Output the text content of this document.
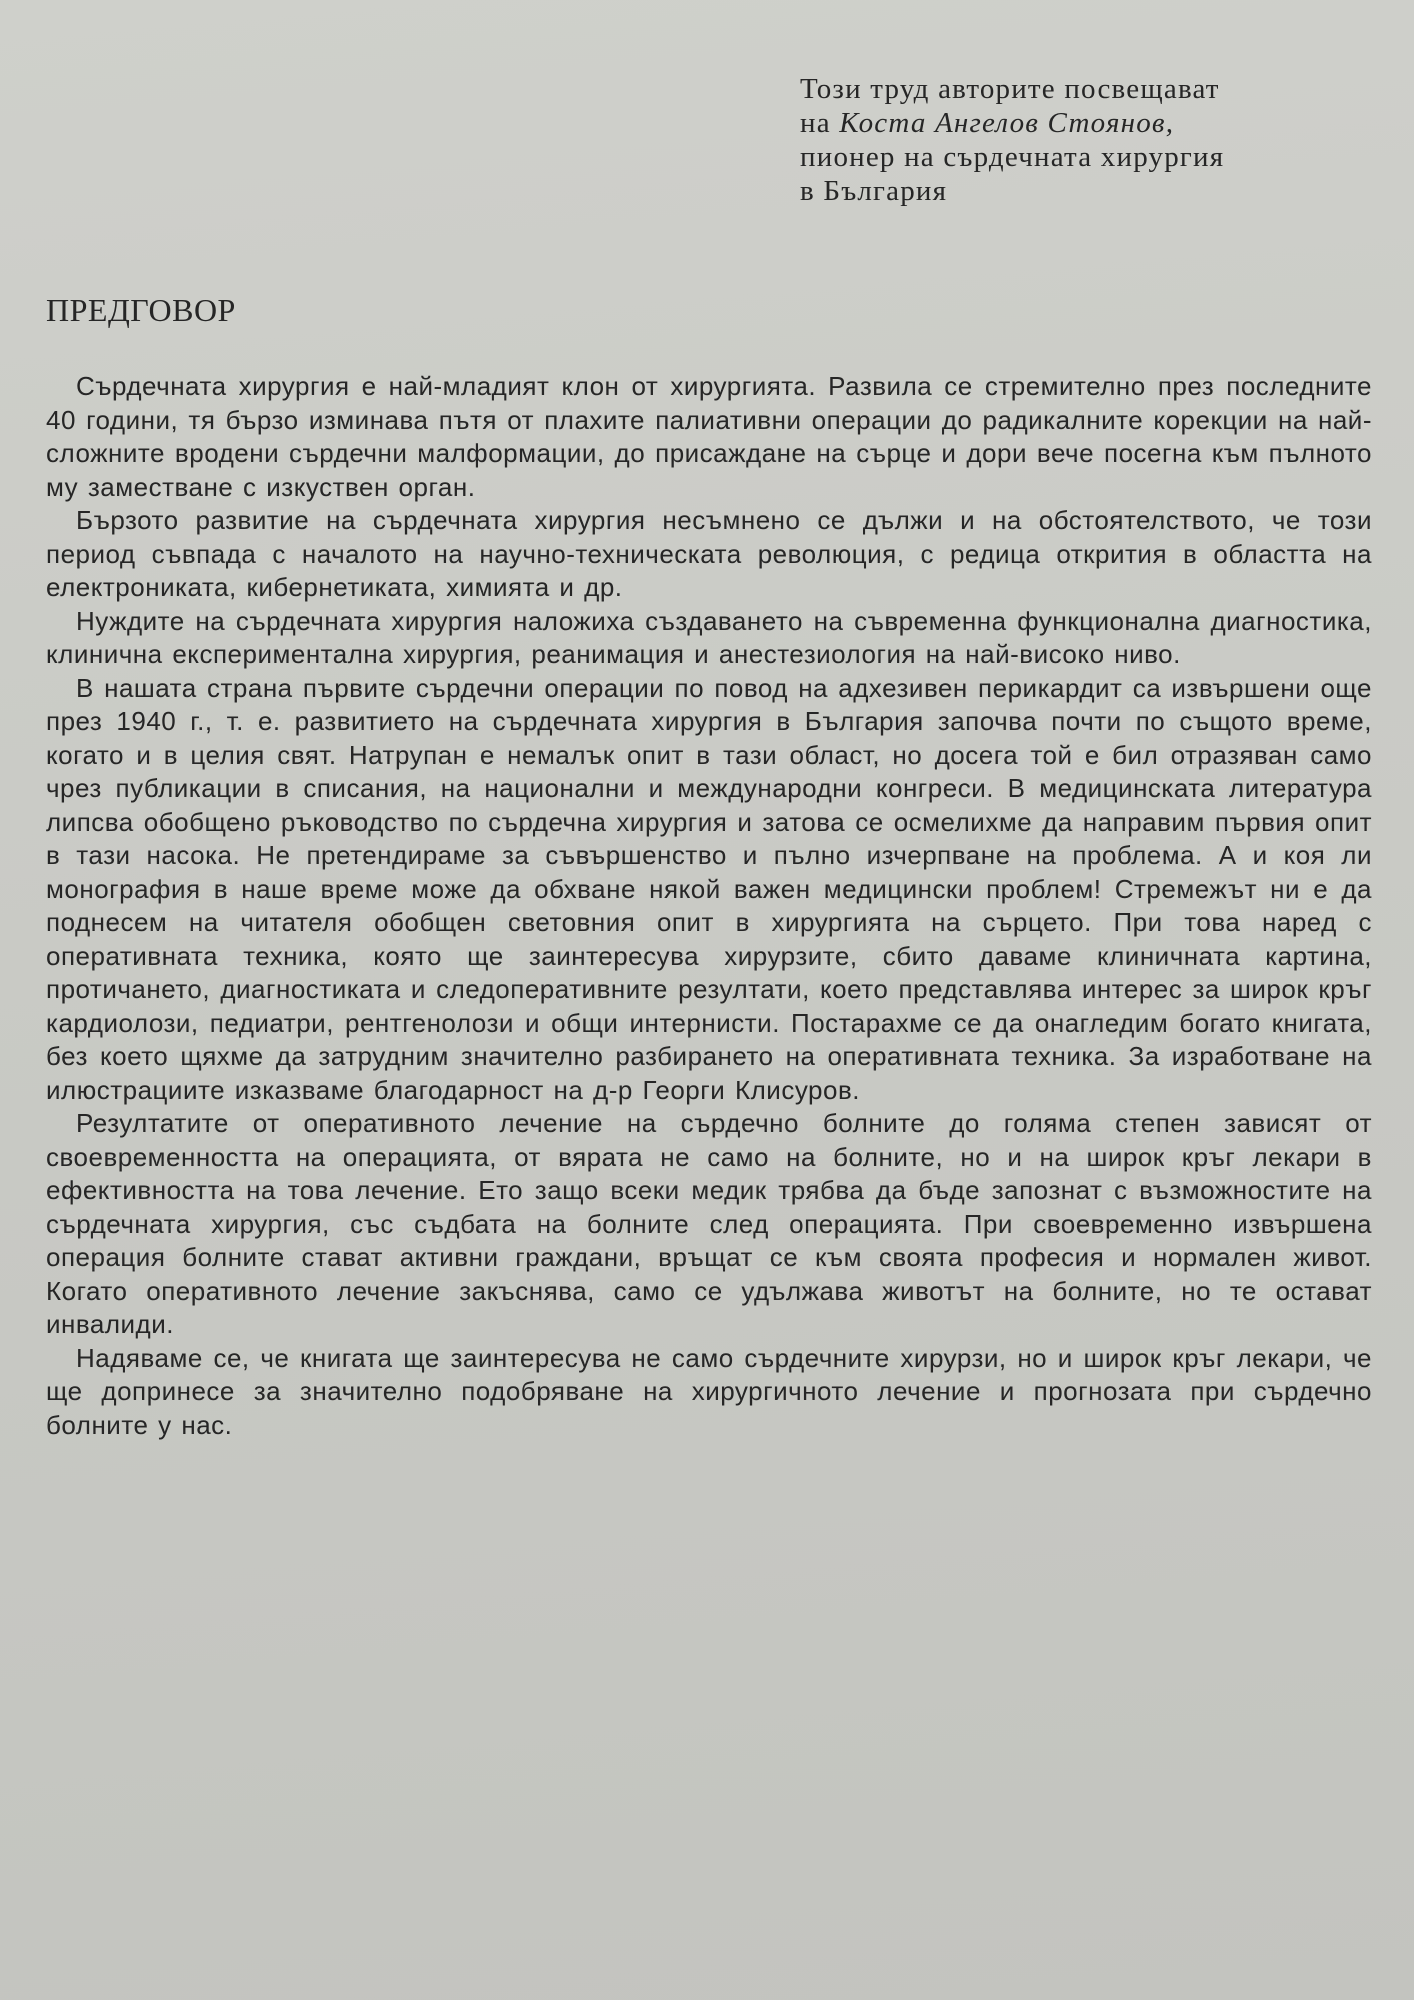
Този труд авторите посвещават
на Коста Ангелов Стоянов,
пионер на сърдечната хирургия
в България
ПРЕДГОВОР

Сърдечната хирургия е най-младият клон от хирургията. Развила се стремително през последните 40 години, тя бързо изминава пътя от плахите палиативни операции до радикалните корекции на най-сложните вродени сърдечни малформации, до присаждане на сърце и дори вече посегна към пълното му заместване с изкуствен орган.

Бързото развитие на сърдечната хирургия несъмнено се дължи и на обстоятелството, че този период съвпада с началото на научно-техническата революция, с редица открития в областта на електрониката, кибернетиката, химията и др.

Нуждите на сърдечната хирургия наложиха създаването на съвременна функционална диагностика, клинична експериментална хирургия, реанимация и анестезиология на най-високо ниво.

В нашата страна първите сърдечни операции по повод на адхезивен перикардит са извършени още през 1940 г., т. е. развитието на сърдечната хирургия в България започва почти по същото време, когато и в целия свят. Натрупан е немалък опит в тази област, но досега той е бил отразяван само чрез публикации в списания, на национални и международни конгреси. В медицинската литература липсва обобщено ръководство по сърдечна хирургия и затова се осмелихме да направим първия опит в тази насока. Не претендираме за съвършенство и пълно изчерпване на проблема. А и коя ли монография в наше време може да обхване някой важен медицински проблем! Стремежът ни е да поднесем на читателя обобщен световния опит в хирургията на сърцето. При това наред с оперативната техника, която ще заинтересува хирурзите, сбито даваме клиничната картина, протичането, диагностиката и следоперативните резултати, което представлява интерес за широк кръг кардиолози, педиатри, рентгенолози и общи интернисти. Постарахме се да онагледим богато книгата, без което щяхме да затрудним значително разбирането на оперативната техника. За изработване на илюстрациите изказваме благодарност на д-р Георги Клисуров.

Резултатите от оперативното лечение на сърдечно болните до голяма степен зависят от своевременността на операцията, от вярата не само на болните, но и на широк кръг лекари в ефективността на това лечение. Ето защо всеки медик трябва да бъде запознат с възможностите на сърдечната хирургия, със съдбата на болните след операцията. При своевременно извършена операция болните стават активни граждани, връщат се към своята професия и нормален живот. Когато оперативното лечение закъснява, само се удължава животът на болните, но те остават инвалиди.

Надяваме се, че книгата ще заинтересува не само сърдечните хирурзи, но и широк кръг лекари, че ще допринесе за значително подобряване на хирургичното лечение и прогнозата при сърдечно болните у нас.
